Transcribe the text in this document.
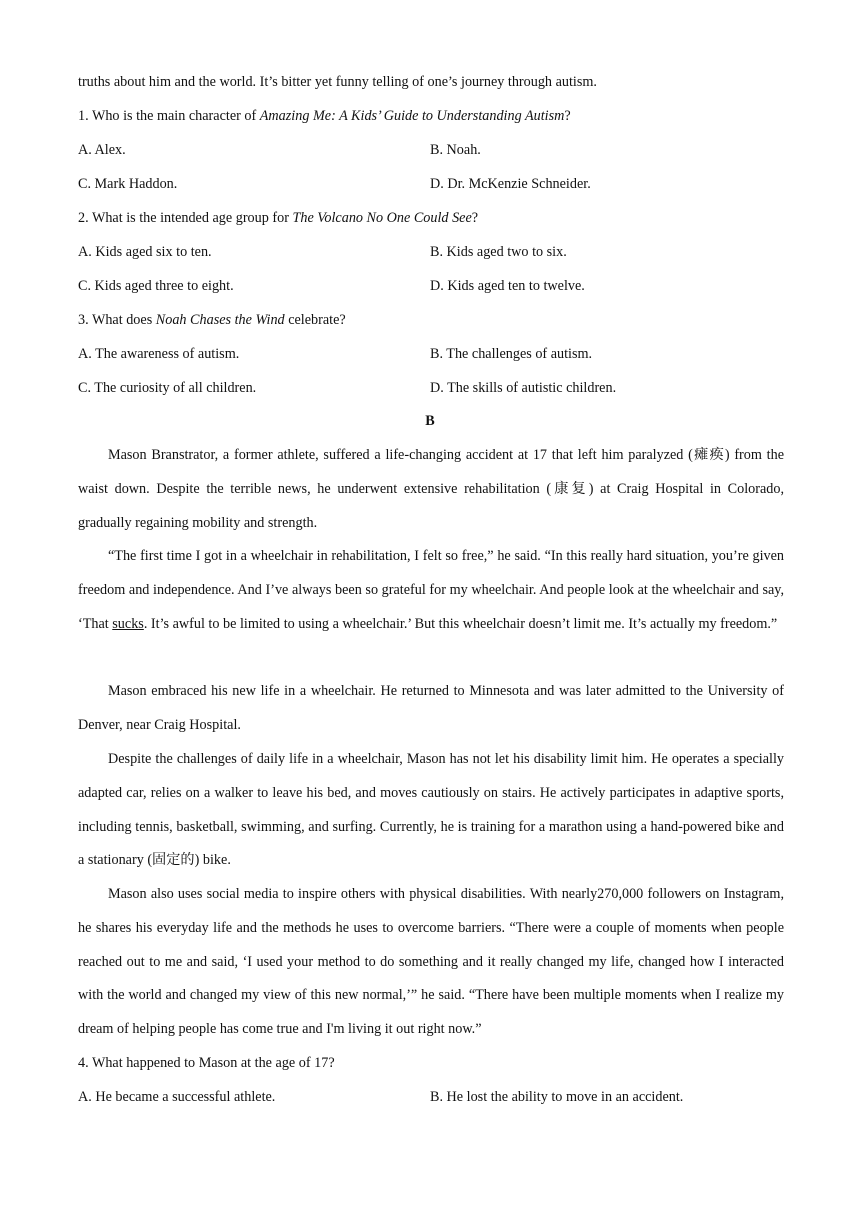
truths about him and the world. It’s bitter yet funny telling of one’s journey through autism.
1. Who is the main character of Amazing Me: A Kids’ Guide to Understanding Autism?
A. Alex.	B. Noah.
C. Mark Haddon.	D. Dr. McKenzie Schneider.
2. What is the intended age group for The Volcano No One Could See?
A. Kids aged six to ten.	B. Kids aged two to six.
C. Kids aged three to eight.	D. Kids aged ten to twelve.
3. What does Noah Chases the Wind celebrate?
A. The awareness of autism.	B. The challenges of autism.
C. The curiosity of all children.	D. The skills of autistic children.
B

Mason Branstrator, a former athlete, suffered a life-changing accident at 17 that left him paralyzed (瘫痪) from the waist down. Despite the terrible news, he underwent extensive rehabilitation (康复) at Craig Hospital in Colorado, gradually regaining mobility and strength.

“The first time I got in a wheelchair in rehabilitation, I felt so free,” he said. “In this really hard situation, you’re given freedom and independence. And I’ve always been so grateful for my wheelchair. And people look at the wheelchair and say, ‘That sucks. It’s awful to be limited to using a wheelchair.’ But this wheelchair doesn’t limit me. It’s actually my freedom.”

Mason embraced his new life in a wheelchair. He returned to Minnesota and was later admitted to the University of Denver, near Craig Hospital.

Despite the challenges of daily life in a wheelchair, Mason has not let his disability limit him. He operates a specially adapted car, relies on a walker to leave his bed, and moves cautiously on stairs. He actively participates in adaptive sports, including tennis, basketball, swimming, and surfing. Currently, he is training for a marathon using a hand-powered bike and a stationary (固定的) bike.

Mason also uses social media to inspire others with physical disabilities. With nearly270,000 followers on Instagram, he shares his everyday life and the methods he uses to overcome barriers. “There were a couple of moments when people reached out to me and said, ‘I used your method to do something and it really changed my life, changed how I interacted with the world and changed my view of this new normal,’” he said. “There have been multiple moments when I realize my dream of helping people has come true and I'm living it out right now.”

4. What happened to Mason at the age of 17?
A. He became a successful athlete.	B. He lost the ability to move in an accident.
